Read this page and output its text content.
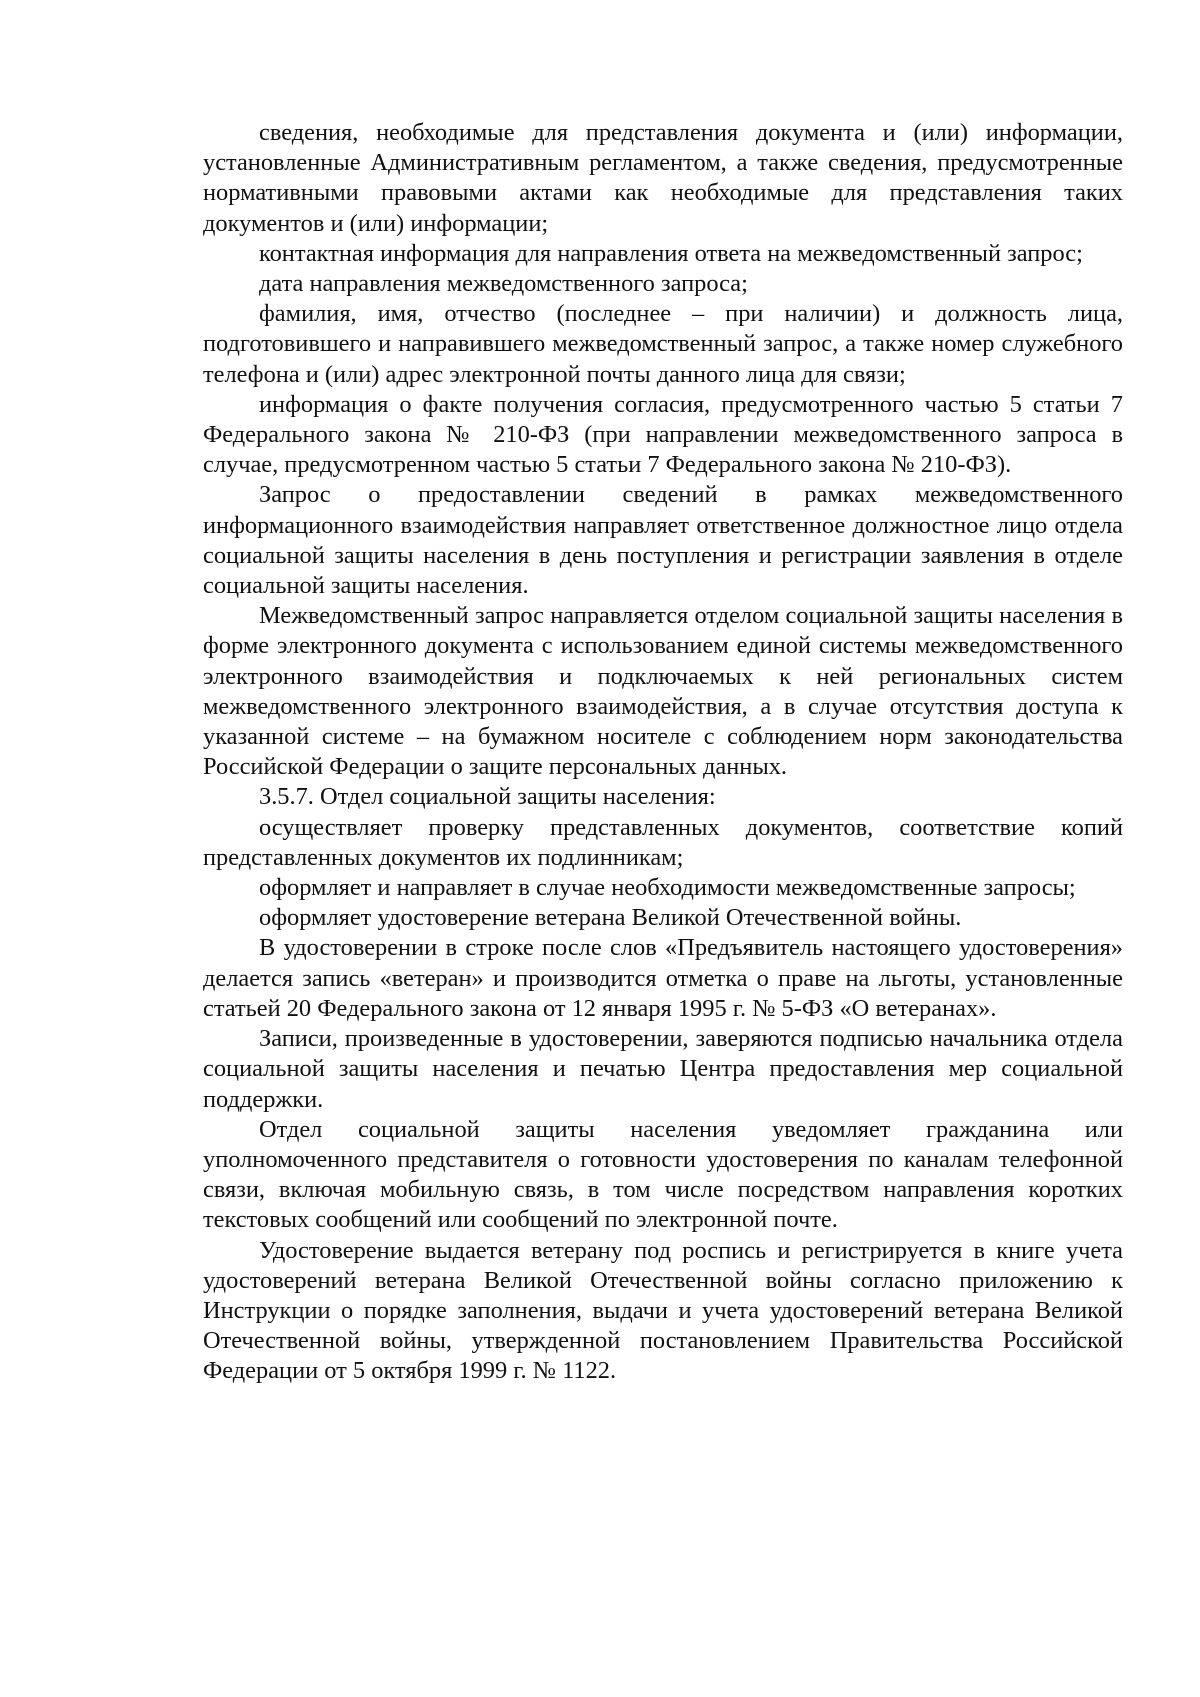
сведения, необходимые для представления документа и (или) информации, установленные Административным регламентом, а также сведения, предусмотренные нормативными правовыми актами как необходимые для представления таких документов и (или) информации;

контактная информация для направления ответа на межведомственный запрос;

дата направления межведомственного запроса;

фамилия, имя, отчество (последнее – при наличии) и должность лица, подготовившего и направившего межведомственный запрос, а также номер служебного телефона и (или) адрес электронной почты данного лица для связи;

информация о факте получения согласия, предусмотренного частью 5 статьи 7 Федерального закона № 210-ФЗ (при направлении межведомственного запроса в случае, предусмотренном частью 5 статьи 7 Федерального закона № 210-ФЗ).

Запрос о предоставлении сведений в рамках межведомственного информационного взаимодействия направляет ответственное должностное лицо отдела социальной защиты населения в день поступления и регистрации заявления в отделе социальной защиты населения.

Межведомственный запрос направляется отделом социальной защиты населения в форме электронного документа с использованием единой системы межведомственного электронного взаимодействия и подключаемых к ней региональных систем межведомственного электронного взаимодействия, а в случае отсутствия доступа к указанной системе – на бумажном носителе с соблюдением норм законодательства Российской Федерации о защите персональных данных.

3.5.7. Отдел социальной защиты населения:

осуществляет проверку представленных документов, соответствие копий представленных документов их подлинникам;

оформляет и направляет в случае необходимости межведомственные запросы;

оформляет удостоверение ветерана Великой Отечественной войны.

В удостоверении в строке после слов «Предъявитель настоящего удостоверения» делается запись «ветеран» и производится отметка о праве на льготы, установленные статьей 20 Федерального закона от 12 января 1995 г. № 5-ФЗ «О ветеранах».

Записи, произведенные в удостоверении, заверяются подписью начальника отдела социальной защиты населения и печатью Центра предоставления мер социальной поддержки.

Отдел социальной защиты населения уведомляет гражданина или уполномоченного представителя о готовности удостоверения по каналам телефонной связи, включая мобильную связь, в том числе посредством направления коротких текстовых сообщений или сообщений по электронной почте.

Удостоверение выдается ветерану под роспись и регистрируется в книге учета удостоверений ветерана Великой Отечественной войны согласно приложению к Инструкции о порядке заполнения, выдачи и учета удостоверений ветерана Великой Отечественной войны, утвержденной постановлением Правительства Российской Федерации от 5 октября 1999 г. № 1122.
